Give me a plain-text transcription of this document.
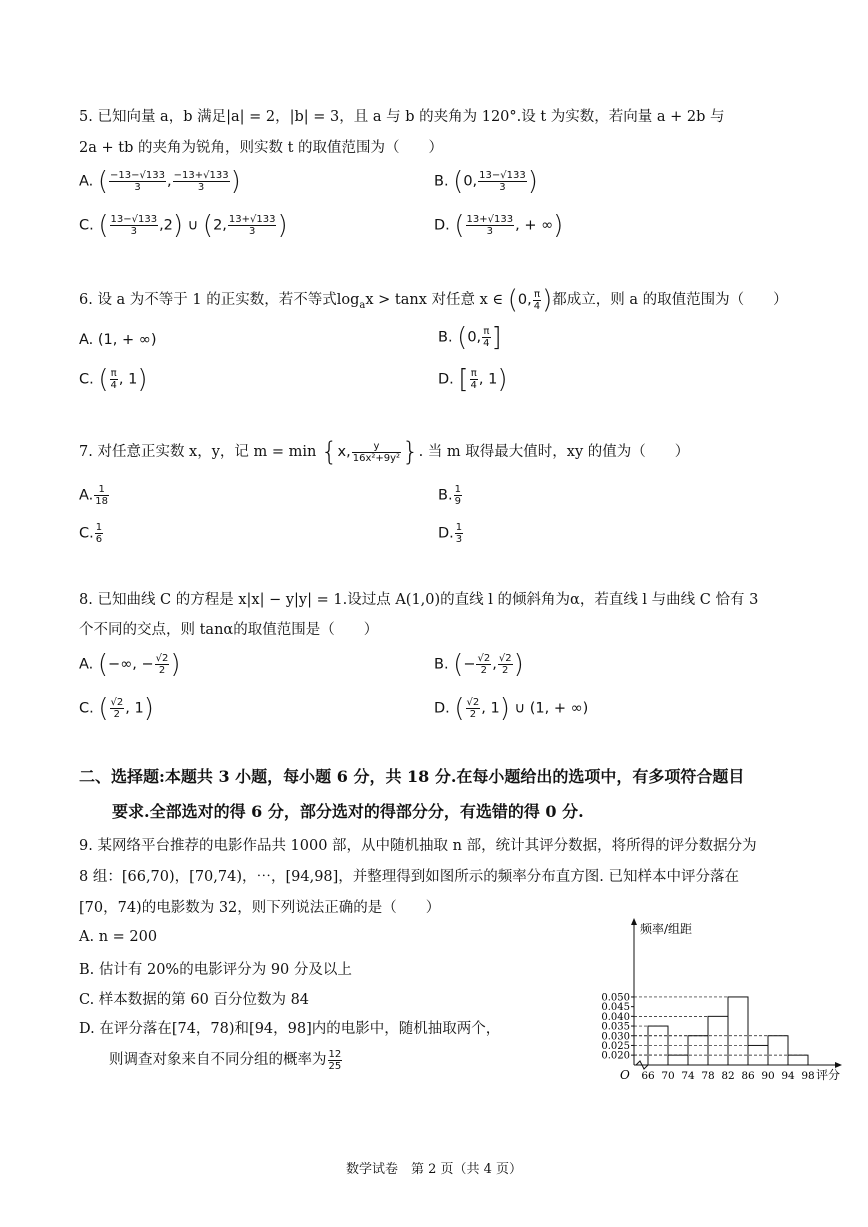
5. 已知向量 a，b 满足|a| = 2，|b| = 3，且 a 与 b 的夹角为 120°.设 t 为实数，若向量 a + 2b 与
2a + tb 的夹角为锐角，则实数 t 的取值范围为（　　）
A. ( $\frac{-13-√133}{3}$ , $\frac{-13+√133}{3}$ )	B. (0, $\frac{13-√133}{3}$ )
C. ( $\frac{13-√133}{3} ,2$) ∪ (2, $\frac{13+√133}{3}$ )	D. ( $\frac{13+√133}{3}$ , + ∞)
6. 设 a 为不等于 1 的正实数，若不等式$\log_ax > \tan x$ 对任意 x ∈ (0, $\frac{\pi}{4}$ )都成立，则 a 的取值范围为（　　）
A. (1, + ∞)	B. (0, $\frac{\pi}{4}$ ]
C. ( $\frac{\pi}{4}$ , 1)	D. [ $\frac{\pi}{4}$ , 1)
7. 对任意正实数 x，y，记 m = min {x, $\frac{y}{\text{16x²+9y²}}$ }. 当 m 取得最大值时，xy 的值为（　　）
A. $\frac{1}{18}$	B. $\frac{1}{9}$
C. $\frac{1}{6}$	D. $\frac{1}{3}$
8. 已知曲线 C 的方程是 x|x| − y|y| = 1.设过点 A(1,0)的直线 l 的倾斜角为α，若直线 l 与曲线 C 恰有 3
个不同的交点，则 tanα的取值范围是（　　）
A. (−∞, − $\frac{√2}{2}$ )	B. (− $\frac{√2}{2}$ , $\frac{√2}{2}$ )
C. ( $\frac{√2}{2}$ , 1)	D. ( $\frac{√2}{2}$ , 1) ∪ (1, + ∞)
二、选择题:本题共 3 小题，每小题 6 分，共 18 分.在每小题给出的选项中，有多项符合题目
要求.全部选对的得 6 分，部分选对的得部分分，有选错的得 0 分.
9. 某网络平台推荐的电影作品共 1000 部，从中随机抽取 n 部，统计其评分数据，将所得的评分数据分为
8 组：[66,70)，[70,74)，⋯，[94,98]，并整理得到如图所示的频率分布直方图. 已知样本中评分落在
[70，74)的电影数为 32，则下列说法正确的是（　　）
A. n = 200
B. 估计有 20%的电影评分为 90 分及以上
C. 样本数据的第 60 百分位数为 84
D. 在评分落在[74，78)和[94，98]内的电影中，随机抽取两个，
则调查对象来自不同分组的概率为 $\frac{12}{25}$	0.020
0.025
0.030
0.035
0.040
0.045
0.050
66 70 74 78 82 86 90 94 98
O
频率/组距
评分
数学试卷　第 2 页（共 4 页）
